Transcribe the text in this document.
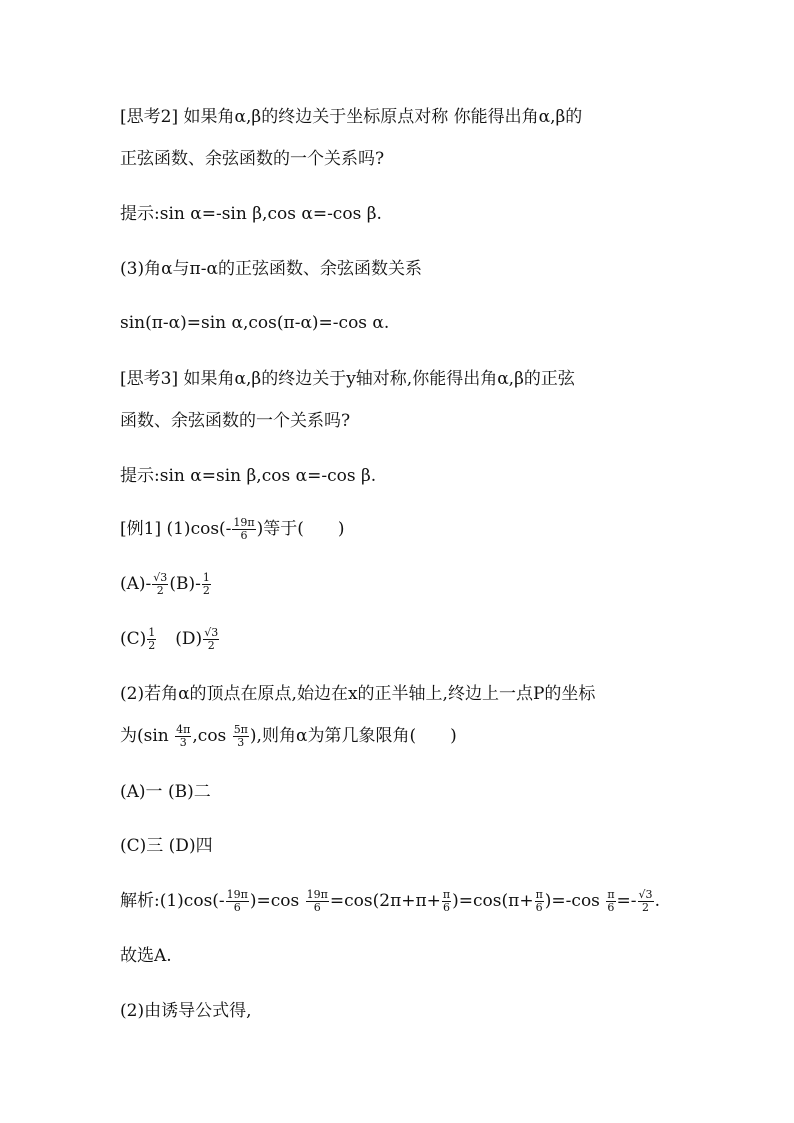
[思考2] 如果角α,β的终边关于坐标原点对称 你能得出角α,β的
正弦函数、余弦函数的一个关系吗?
提示:sin α=-sin β,cos α=-cos β.
(3)角α与π-α的正弦函数、余弦函数关系
sin(π-α)=sin α,cos(π-α)=-cos α.
[思考3] 如果角α,β的终边关于y轴对称,你能得出角α,β的正弦
函数、余弦函数的一个关系吗?
提示:sin α=sin β,cos α=-cos β.
[例1] $(1)\cos(- \frac{19\pi}{6}$ )等于(　　)
$(A)- \frac{√3}{2} (B)- \frac{1}{2}$
$(C) \frac{1}{2} (D) \frac{√3}{2}$
(2)若角α的顶点在原点,始边在x的正半轴上,终边上一点P的坐标
为($\sin \frac{4\pi}{3} ,\cos \frac{5\pi}{3}$ ),则角α为第几象限角(　　)
(A)一 (B)二
(C)三 (D)四
解析:(1)cos(- $\frac{19\pi}{6} )=\cos \frac{19\pi}{6} =\cos(2\pi+\pi+ \frac{\pi}{6} )=\cos(\pi+ \frac{\pi}{6} )=-\cos \frac{\pi}{6} =- \frac{√3}{2}$ .
故选A.
(2)由诱导公式得,
